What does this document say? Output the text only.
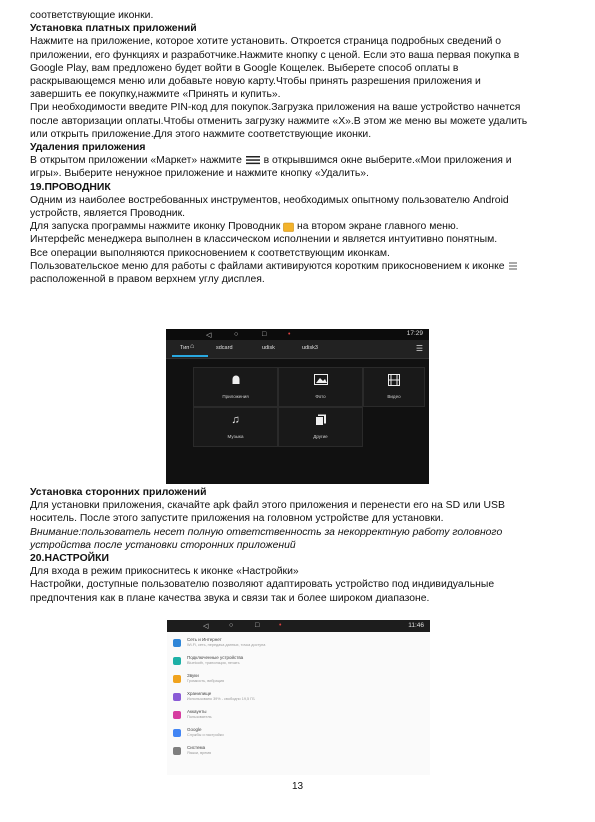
соответствующие иконки.
Установка платных приложений
Нажмите на приложение, которое хотите установить. Откроется страница подробных сведений о
приложении, его функциях и разработчике.Нажмите кнопку с ценой. Если это ваша первая покупка в
Google Play, вам предложено будет войти в Google Кощелек. Выберете способ оплаты в
раскрывающемся меню или добавьте новую карту.Чтобы принять разрешения приложения и
завершить ее покупку,нажмите «Принять и купить».
При необходимости введите PIN-код для покупок.Загрузка приложения на ваше устройство начнется
после авторизации оплаты.Чтобы отменить загрузку нажмите «X».В этом же меню вы можете удалить
или открыть приложение.Для этого нажмите соответствующие иконки.
Удаления приложения
В открытом приложении «Маркет» нажмите в открывшимся окне выберите.«Мои приложения и
игры». Выберите ненужное приложение и нажмите кнопку «Удалить».
19.ПРОВОДНИК
Одним из наиболее востребованных инструментов, необходимых опытному пользователю Android
устройств, является Проводник.
Для запуска программы нажмите иконку Проводник на втором экране главного меню.
Интерфейс менеджера выполнен в классическом исполнении и является интуитивно понятным.
Все операции выполняются прикосновением к соответствующим иконкам.
Пользовательское меню для работы с файлами активируются коротким прикосновением к иконке
расположенной в правом верхнем углу дисплея.
◁	○	□	•	17:29
Тип ⌂	sdcard	udisk	udisk3	☰
Приложения	Фото	Видео
♫
Музыка	Другие
Установка сторонних приложений
Для установки приложения, скачайте apk файл этого приложения и перенести его на SD или USB
носитель. После этого запустите приложения на головном устройстве для установки.
Внимание:пользователь несет полную ответственность за некорректную работу головного
устройства после установки сторонних приложений
20.НАСТРОЙКИ
Для входа в режим прикоснитесь к иконке «Настройки»
Настройки, доступные пользователю позволяют адаптировать устройство под индивидуальные
предпочтения как в плане качества звука и связи так и более широком диапазоне.
◁	○	□	•	11:46
Сеть и Интернет
Wi-Fi, сеть, передача данных, точка доступа
Подключенные устройства
Bluetooth, трансляция, печать
Звуки
Громкость, вибрация
Хранилище
Использовано 39% - свободно 19,5 ГБ
Аккаунты
Пользователь
Google
Службы и настройки
Система
Языки, время
13
